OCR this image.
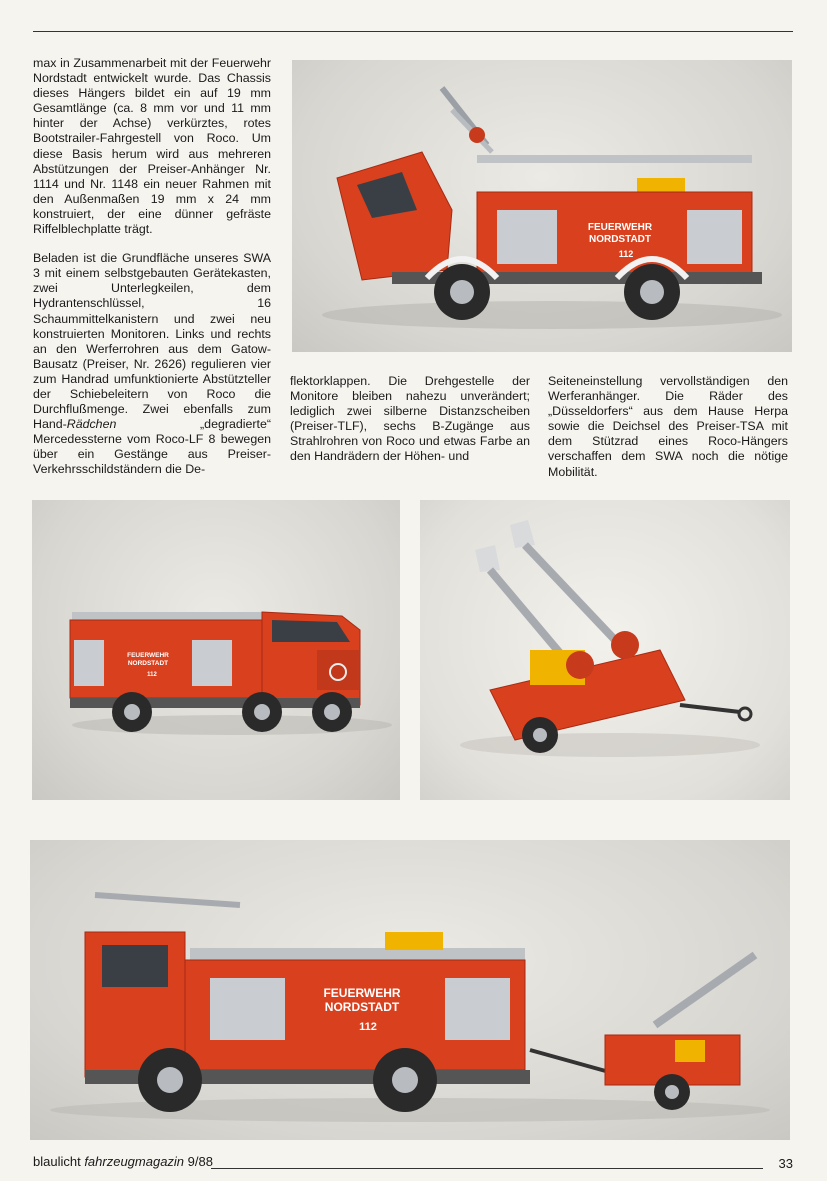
max in Zusammenarbeit mit der Feuerwehr Nordstadt entwickelt wurde. Das Chassis dieses Hängers bildet ein auf 19 mm Gesamtlänge (ca. 8 mm vor und 11 mm hinter der Achse) verkürztes, rotes Bootstrailer-Fahrgestell von Roco. Um diese Basis herum wird aus mehreren Abstützungen der Preiser-Anhänger Nr. 1114 und Nr. 1148 ein neuer Rahmen mit den Außenmaßen 19 mm x 24 mm konstruiert, der eine dünner gefräste Riffelblechplatte trägt.

Beladen ist die Grundfläche unseres SWA 3 mit einem selbstgebauten Gerätekasten, zwei Unterlegkeilen, dem Hydrantenschlüssel, 16 Schaummittelkanistern und zwei neu konstruierten Monitoren. Links und rechts an den Werferrohren aus dem Gatow-Bausatz (Preiser, Nr. 2626) regulieren vier zum Handrad umfunktionierte Abstützteller der Schiebeleitern von Roco die Durchflußmenge. Zwei ebenfalls zum Hand-Rädchen „degradierte“ Mercedessterne vom Roco-LF 8 bewegen über ein Gestänge aus Preiser-Verkehrsschildständern die De-

flektorklappen. Die Drehgestelle der Monitore bleiben nahezu unverändert; lediglich zwei silberne Distanzscheiben (Preiser-TLF), sechs B-Zugänge aus Strahlrohren von Roco und etwas Farbe an den Handrädern der Höhen- und

Seiteneinstellung vervollständigen den Werferanhänger. Die Räder des „Düsseldorfers“ aus dem Hause Herpa sowie die Deichsel des Preiser-TSA mit dem Stützrad eines Roco-Hängers verschaffen dem SWA noch die nötige Mobilität.

FEUERWEHR
NORDSTADT
112
FEUERWEHR
NORDSTADT
112
FEUERWEHR
NORDSTADT
112
blaulicht fahrzeugmagazin 9/88	33
